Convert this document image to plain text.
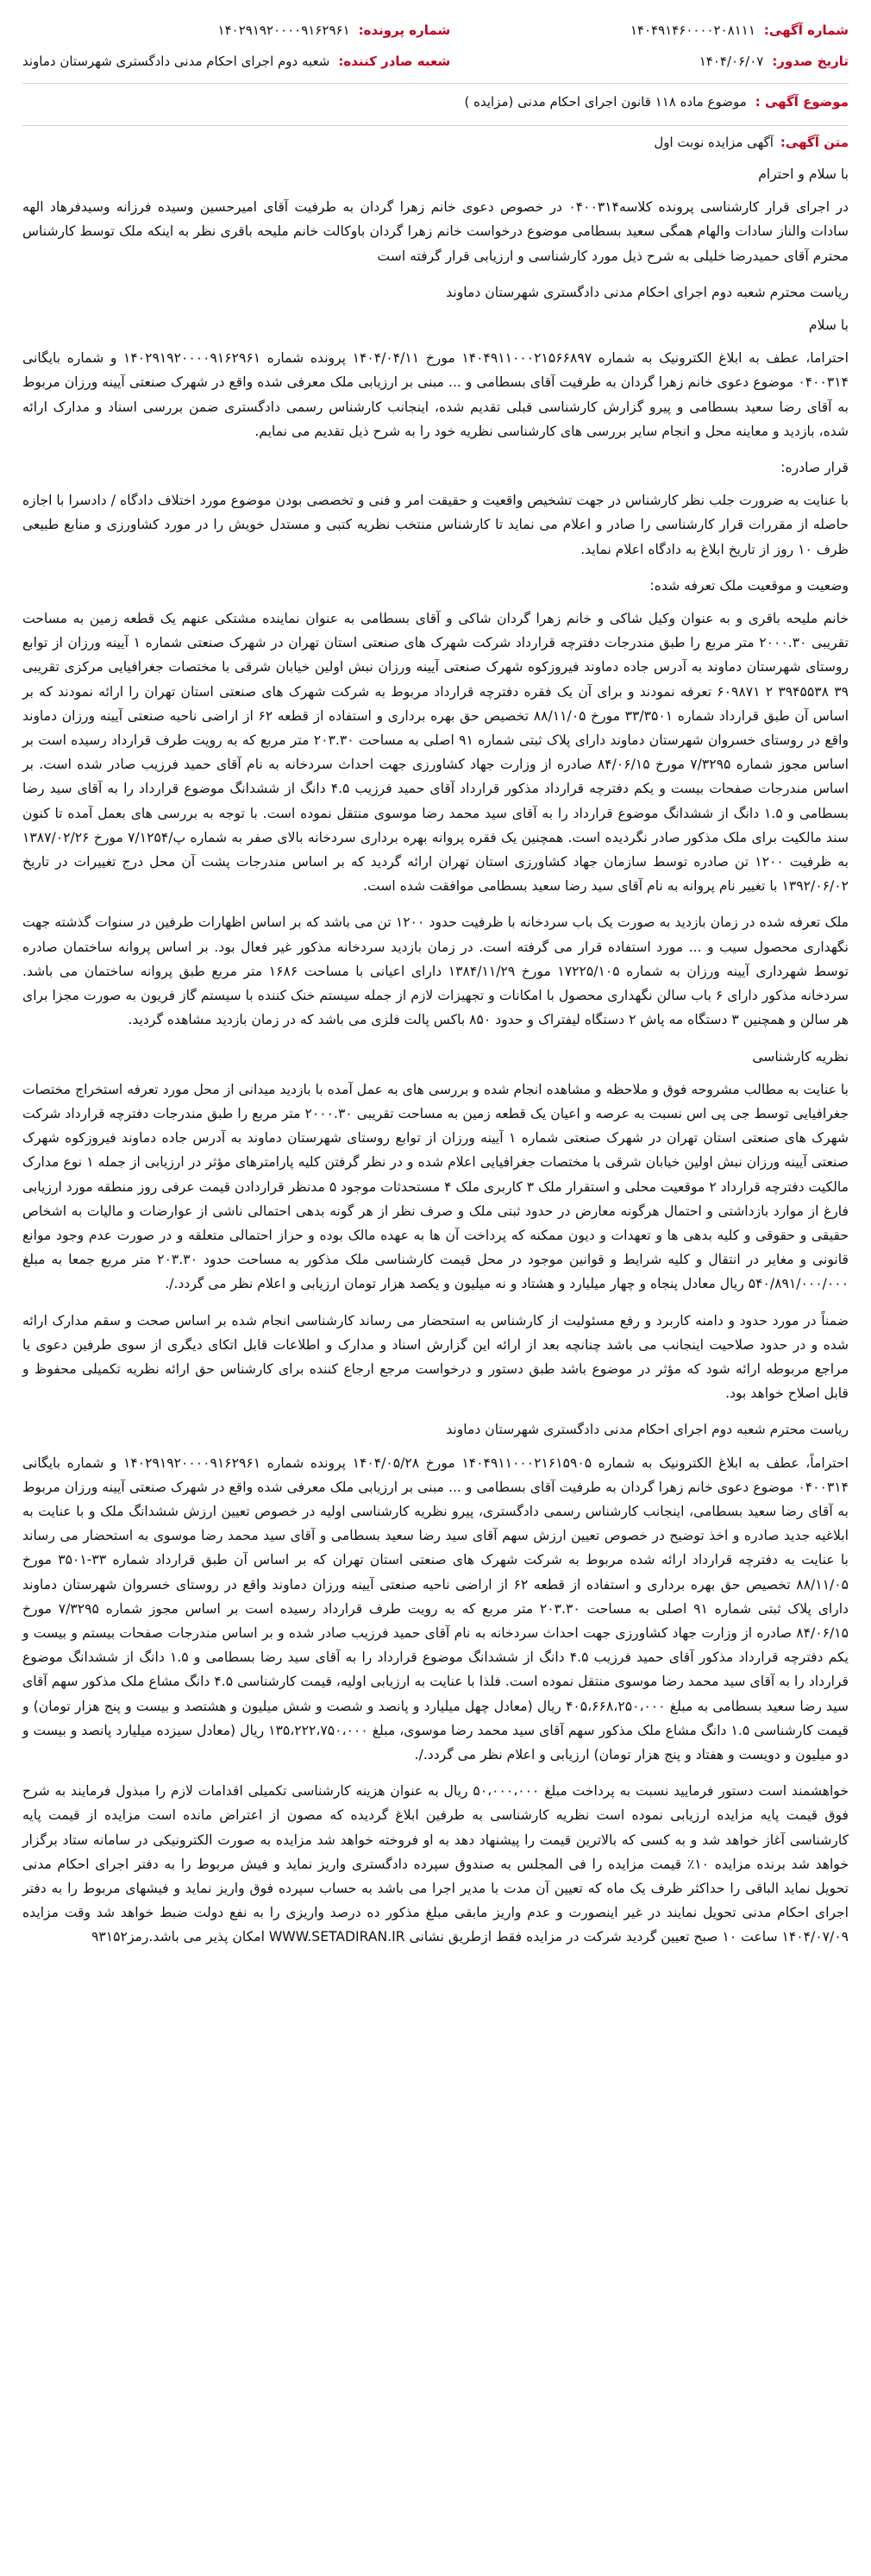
شماره آگهی:
۱۴۰۴۹۱۴۶۰۰۰۰۲۰۸۱۱۱
شماره پرونده:
۱۴۰۲۹۱۹۲۰۰۰۰۹۱۶۲۹۶۱
تاریخ صدور:
۱۴۰۴/۰۶/۰۷
شعبه صادر کننده:
شعبه دوم اجرای احکام مدنی دادگستری شهرستان دماوند
موضوع آگهی :
موضوع ماده ۱۱۸ قانون اجرای احکام مدنی (مزایده )
متن آگهی:
آگهی مزایده نوبت اول

با سلام و احترام

در اجرای قرار کارشناسی پرونده کلاسه۰۴۰۰۳۱۴ در خصوص دعوی خانم زهرا گردان به طرفیت آقای امیرحسین وسیده فرزانه وسیدفرهاد الهه سادات والناز سادات والهام همگی سعید بسطامی موضوع درخواست خانم زهرا گردان باوکالت خانم ملیحه باقری نظر به اینکه ملک توسط کارشناس محترم آقای حمیدرضا خلیلی به شرح ذیل مورد کارشناسی و ارزیابی قرار گرفته است

ریاست محترم شعبه دوم اجرای احکام مدنی دادگستری شهرستان دماوند

با سلام

احتراما، عطف به ابلاغ الکترونیک به شماره ۱۴۰۴۹۱۱۰۰۰۲۱۵۶۶۸۹۷ مورخ ۱۴۰۴/۰۴/۱۱ پرونده شماره ۱۴۰۲۹۱۹۲۰۰۰۰۹۱۶۲۹۶۱ و شماره بایگانی ۰۴۰۰۳۱۴ موضوع دعوی خانم زهرا گردان به طرفیت آقای بسطامی و ... مبنی بر ارزیابی ملک معرفی شده واقع در شهرک صنعتی آیینه ورزان مربوط به آقای رضا سعید بسطامی و پیرو گزارش کارشناسی قبلی تقدیم شده، اینجانب کارشناس رسمی دادگستری ضمن بررسی اسناد و مدارک ارائه شده، بازدید و معاینه محل و انجام سایر بررسی های کارشناسی نظریه خود را به شرح ذیل تقدیم می نمایم.

قرار صادره:

با عنایت به ضرورت جلب نظر کارشناس در جهت تشخیص واقعیت و حقیقت امر و فنی و تخصصی بودن موضوع مورد اختلاف دادگاه / دادسرا با اجازه حاصله از مقررات قرار کارشناسی را صادر و اعلام می نماید تا کارشناس منتخب نظریه کتبی و مستدل خویش را در مورد کشاورزی و منابع طبیعی ظرف ۱۰ روز از تاریخ ابلاغ به دادگاه اعلام نماید.

وضعیت و موقعیت ملک تعرفه شده:

خانم ملیحه باقری و به عنوان وکیل شاکی و خانم زهرا گردان شاکی و آقای بسطامی به عنوان نماینده مشتکی عنهم یک قطعه زمین به مساحت تقریبی ۲۰۰۰.۳۰ متر مربع را طبق مندرجات دفترچه قرارداد شرکت شهرک های صنعتی استان تهران در شهرک صنعتی شماره ۱ آیینه ورزان از توابع روستای شهرستان دماوند به آدرس جاده دماوند فیروزکوه شهرک صنعتی آیینه ورزان نبش اولین خیابان شرقی با مختصات جغرافیایی مرکزی تقریبی ۳۹ ۳۹۴۵۵۳۸ ۲ ۶۰۹۸۷۱ تعرفه نمودند و برای آن یک فقره دفترچه قرارداد مربوط به شرکت شهرک های صنعتی استان تهران را ارائه نمودند که بر اساس آن طبق قرارداد شماره ۳۳/۳۵۰۱ مورخ ۸۸/۱۱/۰۵ تخصیص حق بهره برداری و استفاده از قطعه ۶۲ از اراضی ناحیه صنعتی آیینه ورزان دماوند واقع در روستای خسروان شهرستان دماوند دارای پلاک ثبتی شماره ۹۱ اصلی به مساحت ۲۰۳.۳۰ متر مربع که به رویت طرف قرارداد رسیده است بر اساس مجوز شماره ۷/۳۲۹۵ مورخ ۸۴/۰۶/۱۵ صادره از وزارت جهاد کشاورزی جهت احداث سردخانه به نام آقای حمید فرزیب صادر شده است. بر اساس مندرجات صفحات بیست و یکم دفترچه قرارداد مذکور قرارداد آقای حمید فرزیب ۴.۵ دانگ از ششدانگ موضوع قرارداد را به آقای سید رضا بسطامی و ۱.۵ دانگ از ششدانگ موضوع قرارداد را به آقای سید محمد رضا موسوی منتقل نموده است. با توجه به بررسی های بعمل آمده تا کنون سند مالکیت برای ملک مذکور صادر نگردیده است. همچنین یک فقره پروانه بهره برداری سردخانه بالای صفر به شماره پ/۷/۱۲۵۴ مورخ ۱۳۸۷/۰۲/۲۶ به ظرفیت ۱۲۰۰ تن صادره توسط سازمان جهاد کشاورزی استان تهران ارائه گردید که بر اساس مندرجات پشت آن محل درج تغییرات در تاریخ ۱۳۹۲/۰۶/۰۲ با تغییر نام پروانه به نام آقای سید رضا سعید بسطامی موافقت شده است.

ملک تعرفه شده در زمان بازدید به صورت یک باب سردخانه با ظرفیت حدود ۱۲۰۰ تن می باشد که بر اساس اظهارات طرفین در سنوات گذشته جهت نگهداری محصول سیب و ... مورد استفاده قرار می گرفته است. در زمان بازدید سردخانه مذکور غیر فعال بود. بر اساس پروانه ساختمان صادره توسط شهرداری آیینه ورزان به شماره ۱۷۲۲۵/۱۰۵ مورخ ۱۳۸۴/۱۱/۲۹ دارای اعیانی با مساحت ۱۶۸۶ متر مربع طبق پروانه ساختمان می باشد. سردخانه مذکور دارای ۶ باب سالن نگهداری محصول با امکانات و تجهیزات لازم از جمله سیستم خنک کننده با سیستم گاز فریون به صورت مجزا برای هر سالن و همچنین ۳ دستگاه مه پاش ۲ دستگاه لیفتراک و حدود ۸۵۰ باکس پالت فلزی می باشد که در زمان بازدید مشاهده گردید.

نظریه کارشناسی

با عنایت به مطالب مشروحه فوق و ملاحظه و مشاهده انجام شده و بررسی های به عمل آمده با بازدید میدانی از محل مورد تعرفه استخراج مختصات جغرافیایی توسط جی پی اس نسبت به عرصه و اعیان یک قطعه زمین به مساحت تقریبی ۲۰۰۰.۳۰ متر مربع را طبق مندرجات دفترچه قرارداد شرکت شهرک های صنعتی استان تهران در شهرک صنعتی شماره ۱ آیینه ورزان از توابع روستای شهرستان دماوند به آدرس جاده دماوند فیروزکوه شهرک صنعتی آیینه ورزان نبش اولین خیابان شرقی با مختصات جغرافیایی اعلام شده و در نظر گرفتن کلیه پارامترهای مؤثر در ارزیابی از جمله ۱ نوع مدارک مالکیت دفترچه قرارداد ۲ موقعیت محلی و استقرار ملک ۳ کاربری ملک ۴ مستحدثات موجود ۵ مدنظر قراردادن قیمت عرفی روز منطقه مورد ارزیابی فارغ از موارد بازداشتی و احتمال هرگونه معارض در حدود ثبتی ملک و صرف نظر از هر گونه بدهی احتمالی ناشی از عوارضات و مالیات به اشخاص حقیقی و حقوقی و کلیه بدهی ها و تعهدات و دیون ممکنه که پرداخت آن ها به عهده مالک بوده و حراز احتمالی متعلقه و در صورت عدم وجود موانع قانونی و مغایر در انتقال و کلیه شرایط و قوانین موجود در محل قیمت کارشناسی ملک مذکور به مساحت حدود ۲۰۳.۳۰ متر مربع جمعا به مبلغ ۵۴۰/۸۹۱/۰۰۰/۰۰۰ ریال معادل پنجاه و چهار میلیارد و هشتاد و نه میلیون و یکصد هزار تومان ارزیابی و اعلام نظر می گردد./.

ضمناً در مورد حدود و دامنه کاربرد و رفع مسئولیت از کارشناس به استحضار می رساند کارشناسی انجام شده بر اساس صحت و سقم مدارک ارائه شده و در حدود صلاحیت اینجانب می باشد چنانچه بعد از ارائه این گزارش اسناد و مدارک و اطلاعات قابل اتکای دیگری از سوی طرفین دعوی یا مراجع مربوطه ارائه شود که مؤثر در موضوع باشد طبق دستور و درخواست مرجع ارجاع کننده برای کارشناس حق ارائه نظریه تکمیلی محفوظ و قابل اصلاح خواهد بود.

ریاست محترم شعبه دوم اجرای احکام مدنی دادگستری شهرستان دماوند

احتراماً، عطف به ابلاغ الکترونیک به شماره ۱۴۰۴۹۱۱۰۰۰۲۱۶۱۵۹۰۵ مورخ ۱۴۰۴/۰۵/۲۸ پرونده شماره ۱۴۰۲۹۱۹۲۰۰۰۰۹۱۶۲۹۶۱ و شماره بایگانی ۰۴۰۰۳۱۴ موضوع دعوی خانم زهرا گردان به طرفیت آقای بسطامی و ... مبنی بر ارزیابی ملک معرفی شده واقع در شهرک صنعتی آیینه ورزان مربوط به آقای رضا سعید بسطامی، اینجانب کارشناس رسمی دادگستری، پیرو نظریه کارشناسی اولیه در خصوص تعیین ارزش ششدانگ ملک و با عنایت به ابلاغیه جدید صادره و اخذ توضیح در خصوص تعیین ارزش سهم آقای سید رضا سعید بسطامی و آقای سید محمد رضا موسوی به استحضار می رساند با عنایت به دفترچه قرارداد ارائه شده مربوط به شرکت شهرک های صنعتی استان تهران که بر اساس آن طبق قرارداد شماره ۳۳-۳۵۰۱ مورخ ۸۸/۱۱/۰۵ تخصیص حق بهره برداری و استفاده از قطعه ۶۲ از اراضی ناحیه صنعتی آیینه ورزان دماوند واقع در روستای خسروان شهرستان دماوند دارای پلاک ثبتی شماره ۹۱ اصلی به مساحت ۲۰۳.۳۰ متر مربع که به رویت طرف قرارداد رسیده است بر اساس مجوز شماره ۷/۳۲۹۵ مورخ ۸۴/۰۶/۱۵ صادره از وزارت جهاد کشاورزی جهت احداث سردخانه به نام آقای حمید فرزیب صادر شده و بر اساس مندرجات صفحات بیستم و بیست و یکم دفترچه قرارداد مذکور آقای حمید فرزیب ۴.۵ دانگ از ششدانگ موضوع قرارداد را به آقای سید رضا بسطامی و ۱.۵ دانگ از ششدانگ موضوع قرارداد را به آقای سید محمد رضا موسوی منتقل نموده است. فلذا با عنایت به ارزیابی اولیه، قیمت کارشناسی ۴.۵ دانگ مشاع ملک مذکور سهم آقای سید رضا سعید بسطامی به مبلغ ۴۰۵،۶۶۸،۲۵۰،۰۰۰ ریال (معادل چهل میلیارد و پانصد و شصت و شش میلیون و هشتصد و بیست و پنج هزار تومان) و قیمت کارشناسی ۱.۵ دانگ مشاع ملک مذکور سهم آقای سید محمد رضا موسوی، مبلغ ۱۳۵،۲۲۲،۷۵۰،۰۰۰ ریال (معادل سیزده میلیارد پانصد و بیست و دو میلیون و دویست و هفتاد و پنج هزار تومان) ارزیابی و اعلام نظر می گردد./.

خواهشمند است دستور فرمایید نسبت به پرداخت مبلغ ۵۰،۰۰۰،۰۰۰ ریال به عنوان هزینه کارشناسی تکمیلی اقدامات لازم را مبذول فرمایند به شرح فوق قیمت پایه مزایده ارزیابی نموده است نظریه کارشناسی به طرفین ابلاغ گردیده که مصون از اعتراض مانده است مزایده از قیمت پایه کارشناسی آغاز خواهد شد و به کسی که بالاترین قیمت را پیشنهاد دهد به او فروخته خواهد شد مزایده به صورت الکترونیکی در سامانه ستاد برگزار خواهد شد برنده مزایده ۱۰٪ قیمت مزایده را فی المجلس به صندوق سپرده دادگستری واریز نماید و فیش مربوط را به دفتر اجرای احکام مدنی تحویل نماید الباقی را حداکثر ظرف یک ماه که تعیین آن مدت با مدیر اجرا می باشد به حساب سپرده فوق واریز نماید و فیشهای مربوط را به دفتر اجرای احکام مدنی تحویل نمایند در غیر اینصورت و عدم واریز مابقی مبلغ مذکور ده درصد واریزی را به نفع دولت ضبط خواهد شد وقت مزایده ۱۴۰۴/۰۷/۰۹ ساعت ۱۰ صبح تعیین گردید شرکت در مزایده فقط ازطریق نشانی WWW.SETADIRAN.IR امکان پذیر می باشد.رمز۹۳۱۵۲
